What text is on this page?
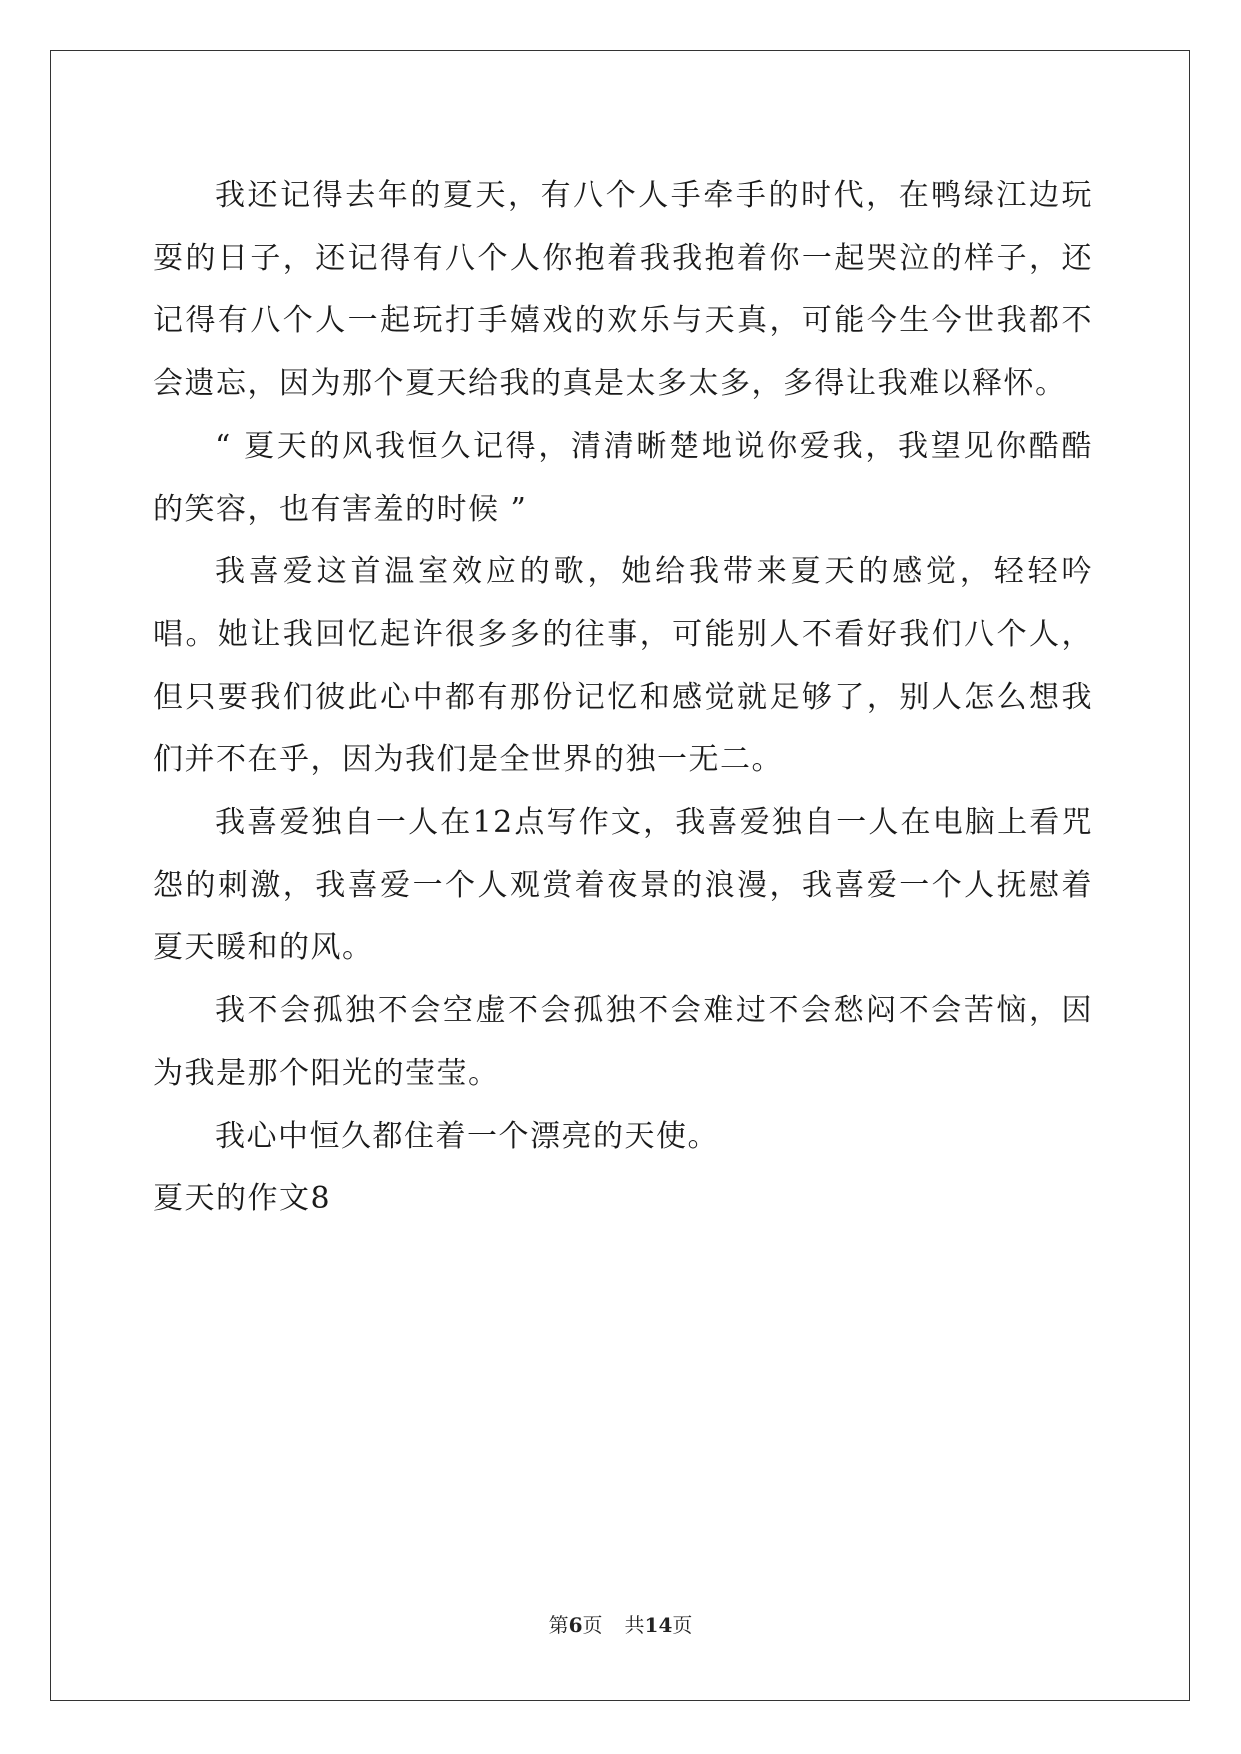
我还记得去年的夏天，有八个人手牵手的时代，在鸭绿江边玩耍的日子，还记得有八个人你抱着我我抱着你一起哭泣的样子，还记得有八个人一起玩打手嬉戏的欢乐与天真，可能今生今世我都不会遗忘，因为那个夏天给我的真是太多太多，多得让我难以释怀。

“ 夏天的风我恒久记得，清清晰楚地说你爱我，我望见你酷酷的笑容，也有害羞的时候 ”

我喜爱这首温室效应的歌，她给我带来夏天的感觉，轻轻吟唱。她让我回忆起许很多多的往事，可能别人不看好我们八个人，但只要我们彼此心中都有那份记忆和感觉就足够了，别人怎么想我们并不在乎，因为我们是全世界的独一无二。

我喜爱独自一人在12点写作文，我喜爱独自一人在电脑上看咒怨的刺激，我喜爱一个人观赏着夜景的浪漫，我喜爱一个人抚慰着夏天暖和的风。

我不会孤独不会空虚不会孤独不会难过不会愁闷不会苦恼，因为我是那个阳光的莹莹。

我心中恒久都住着一个漂亮的天使。

夏天的作文8

第6页 共14页
